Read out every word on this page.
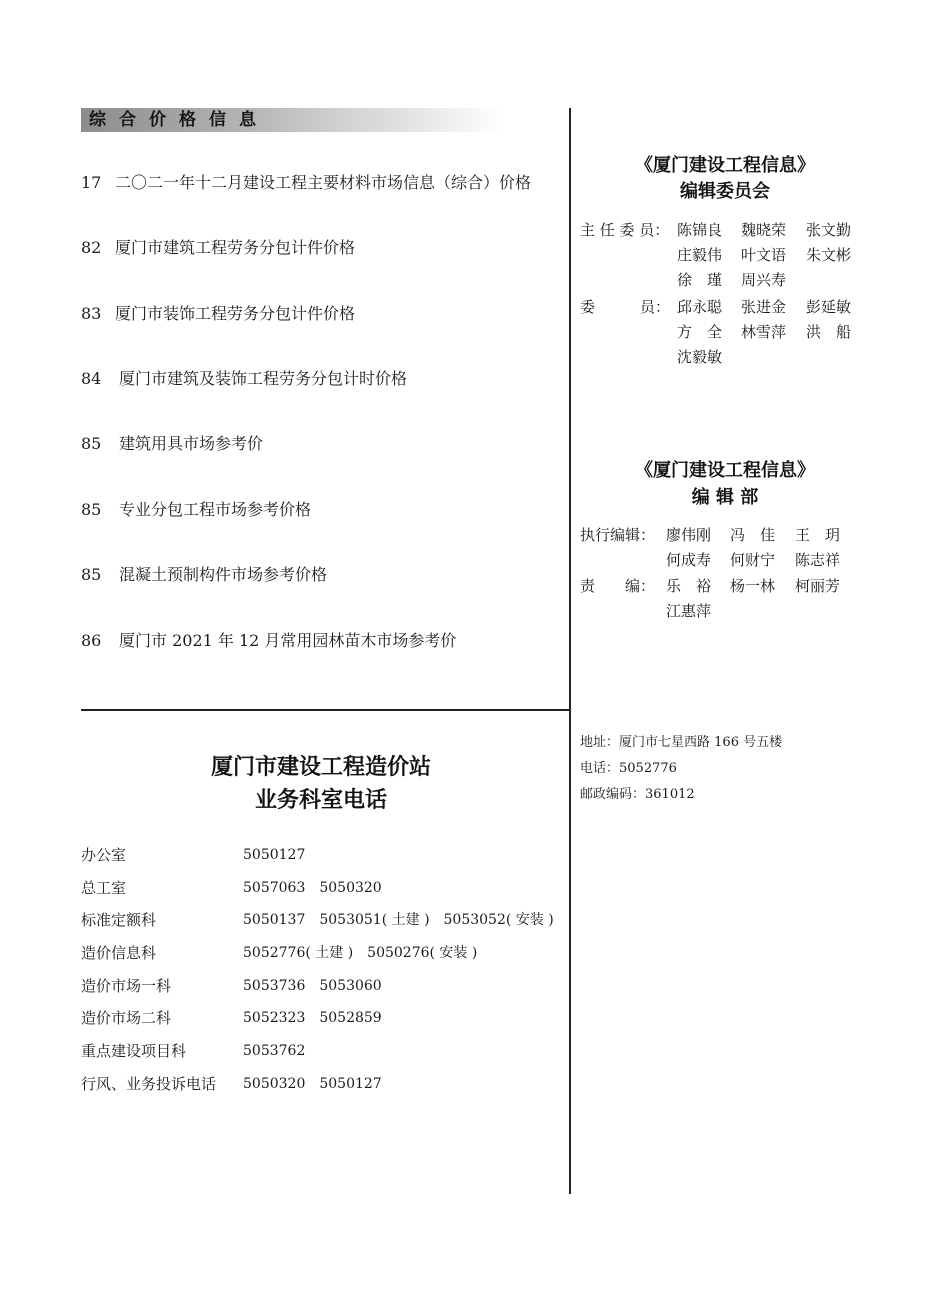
综合价格信息
17 二〇二一年十二月建设工程主要材料市场信息（综合）价格
82 厦门市建筑工程劳务分包计件价格
83 厦门市装饰工程劳务分包计件价格
84 厦门市建筑及装饰工程劳务分包计时价格
85 建筑用具市场参考价
85 专业分包工程市场参考价格
85 混凝土预制构件市场参考价格
86 厦门市 2021 年 12 月常用园林苗木市场参考价
《厦门建设工程信息》
编辑委员会
主 任 委 员： 陈锦良 魏晓荣 张文勤
庄毅伟 叶文语 朱文彬
徐　瑾 周兴寿
委　　　员： 邱永聪 张进金 彭延敏
方　全 林雪萍 洪　船
沈毅敏
《厦门建设工程信息》
编 辑 部
执行编辑： 廖伟刚 冯　佳 王　玥
何成寿 何财宁 陈志祥
责　　编： 乐　裕 杨一林 柯丽芳
江惠萍
地址：厦门市七星西路 166 号五楼
电话：5052776
邮政编码：361012
厦门市建设工程造价站
业务科室电话
办公室	5050127
总工室	5057063　5050320
标准定额科	5050137　5053051( 土建 )　5053052( 安装 )
造价信息科	5052776( 土建 )　5050276( 安装 )
造价市场一科	5053736　5053060
造价市场二科	5052323　5052859
重点建设项目科	5053762
行风、业务投诉电话 5050320　5050127
